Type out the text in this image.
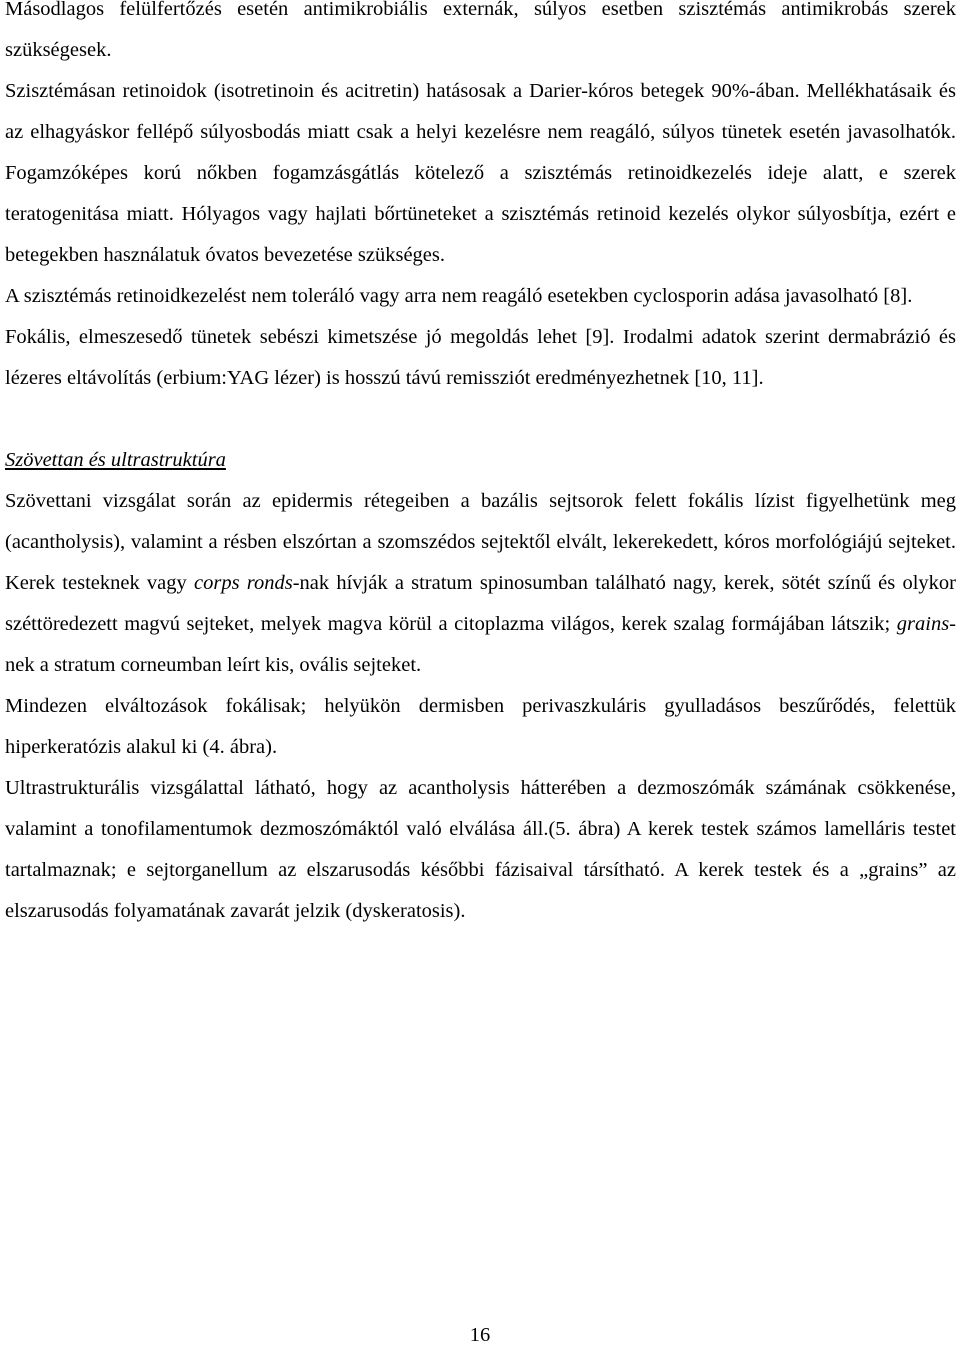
Másodlagos felülfertőzés esetén antimikrobiális externák, súlyos esetben szisztémás antimikrobás szerek szükségesek.

Szisztémásan retinoidok (isotretinoin és acitretin) hatásosak a Darier-kóros betegek 90%-ában. Mellékhatásaik és az elhagyáskor fellépő súlyosbodás miatt csak a helyi kezelésre nem reagáló, súlyos tünetek esetén javasolhatók. Fogamzóképes korú nőkben fogamzásgátlás kötelező a szisztémás retinoidkezelés ideje alatt, e szerek teratogenitása miatt. Hólyagos vagy hajlati bőrtüneteket a szisztémás retinoid kezelés olykor súlyosbítja, ezért e betegekben használatuk óvatos bevezetése szükséges.

A szisztémás retinoidkezelést nem toleráló vagy arra nem reagáló esetekben cyclosporin adása javasolható [8].

Fokális, elmeszesedő tünetek sebészi kimetszése jó megoldás lehet [9]. Irodalmi adatok szerint dermabrázió és lézeres eltávolítás (erbium:YAG lézer) is hosszú távú remissziót eredményezhetnek [10, 11].

Szövettan és ultrastruktúra

Szövettani vizsgálat során az epidermis rétegeiben a bazális sejtsorok felett fokális lízist figyelhetünk meg (acantholysis), valamint a résben elszórtan a szomszédos sejtektől elvált, lekerekedett, kóros morfológiájú sejteket. Kerek testeknek vagy corps ronds-nak hívják a stratum spinosumban található nagy, kerek, sötét színű és olykor széttöredezett magvú sejteket, melyek magva körül a citoplazma világos, kerek szalag formájában látszik; grains-nek a stratum corneumban leírt kis, ovális sejteket.

Mindezen elváltozások fokálisak; helyükön dermisben perivaszkuláris gyulladásos beszűrődés, felettük hiperkeratózis alakul ki (4. ábra).

Ultrastrukturális vizsgálattal látható, hogy az acantholysis hátterében a dezmoszómák számának csökkenése, valamint a tonofilamentumok dezmoszómáktól való elválása áll.(5. ábra) A kerek testek számos lamelláris testet tartalmaznak; e sejtorganellum az elszarusodás későbbi fázisaival társítható. A kerek testek és a „grains” az elszarusodás folyamatának zavarát jelzik (dyskeratosis).

16
